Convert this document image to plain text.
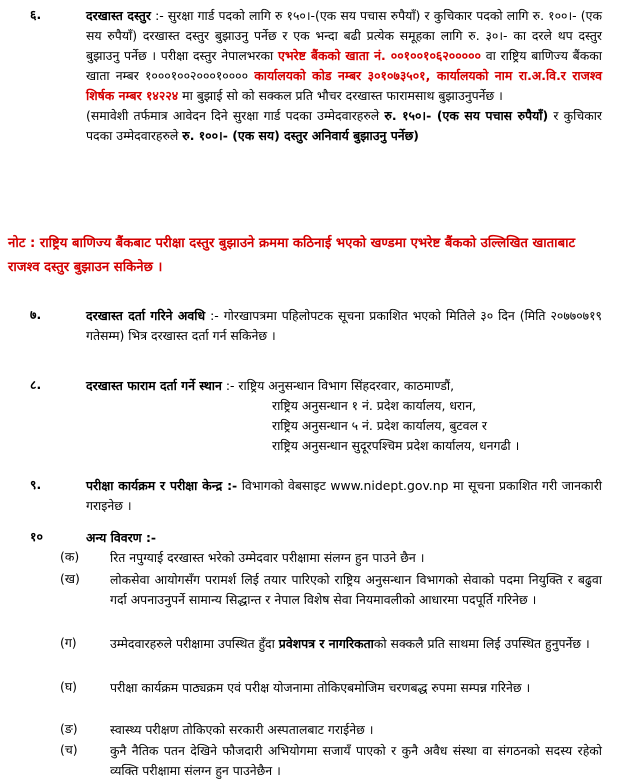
६.	दरखास्त दस्तुर :- सुरक्षा गार्ड पदको लागि रु १५०।-(एक सय पचास रुपैयाँ) र कुचिकार पदको लागि रु. १००।- (एक सय रुपैयाँ) दरखास्त दस्तुर बुझाउनु पर्नेछ र एक भन्दा बढी प्रत्येक समूहका लागि रु. ३०।- का दरले थप दस्तुर बुझाउनु पर्नेछ । परीक्षा दस्तुर नेपालभरका एभरेष्ट बैंकको खाता नं. ००१००१०६२००००० वा राष्ट्रिय बाणिज्य बैंकका खाता नम्बर १०००१००२०००१०००० कार्यालयको कोड नम्बर ३०१०७३५०१, कार्यालयको नाम रा.अ.वि.र राजश्व शिर्षक नम्बर १४२२४ मा बुझाई सो को सक्कल प्रति भौचर दरखास्त फारामसाथ बुझाउनुपर्नेछ ।
(समावेशी तर्फमात्र आवेदन दिने सुरक्षा गार्ड पदका उम्मेदवारहरुले रु. १५०।- (एक सय पचास रुपैयाँ) र कुचिकार पदका उम्मेदवारहरुले रु. १००।- (एक सय) दस्तुर अनिवार्य बुझाउनु पर्नेछ)
नोट : राष्ट्रिय बाणिज्य बैंकबाट परीक्षा दस्तुर बुझाउने क्रममा कठिनाई भएको खण्डमा एभरेष्ट बैंकको उल्लिखित खाताबाट राजश्व दस्तुर बुझाउन सकिनेछ ।
७.	दरखास्त दर्ता गरिने अवधि :- गोरखापत्रमा पहिलोपटक सूचना प्रकाशित भएको मितिले ३० दिन (मिति २०७७०७१९ गतेसम्म) भित्र दरखास्त दर्ता गर्न सकिनेछ ।
८.	दरखास्त फाराम दर्ता गर्ने स्थान :- राष्ट्रिय अनुसन्धान विभाग सिंहदरवार, काठमाण्डौं,
राष्ट्रिय अनुसन्धान १ नं. प्रदेश कार्यालय, धरान,
राष्ट्रिय अनुसन्धान ५ नं. प्रदेश कार्यालय, बुटवल र
राष्ट्रिय अनुसन्धान सुदूरपश्चिम प्रदेश कार्यालय, धनगढी ।
९.	परीक्षा कार्यक्रम र परीक्षा केन्द्र :- विभागको वेबसाइट www.nidept.gov.np मा सूचना प्रकाशित गरी जानकारी गराइनेछ ।
१०	अन्य विवरण :-
(क) रित नपुग्याई दरखास्त भरेको उम्मेदवार परीक्षामा संलग्न हुन पाउने छैन ।
(ख) लोकसेवा आयोगसँग परामर्श लिई तयार पारिएको राष्ट्रिय अनुसन्धान विभागको सेवाको पदमा नियुक्ति र बढुवा गर्दा अपनाउनुपर्ने सामान्य सिद्धान्त र नेपाल विशेष सेवा नियमावलीको आधारमा पदपूर्ति गरिनेछ ।
(ग)	उम्मेदवारहरुले परीक्षामा उपस्थित हुँदा प्रवेशपत्र र नागरिकताको सक्कलै प्रति साथमा लिई उपस्थित हुनुपर्नेछ ।
(घ)	परीक्षा कार्यक्रम पाठ्यक्रम एवं परीक्ष योजनामा तोकिएबमोजिम चरणबद्ध रुपमा सम्पन्न गरिनेछ ।
(ङ)	स्वास्थ्य परीक्षण तोकिएको सरकारी अस्पतालबाट गराईनेछ ।
(च)	कुनै नैतिक पतन देखिने फौजदारी अभियोगमा सजायँ पाएको र कुनै अवैध संस्था वा संगठनको सदस्य रहेको व्यक्ति परीक्षामा संलग्न हुन पाउनेछैन ।
